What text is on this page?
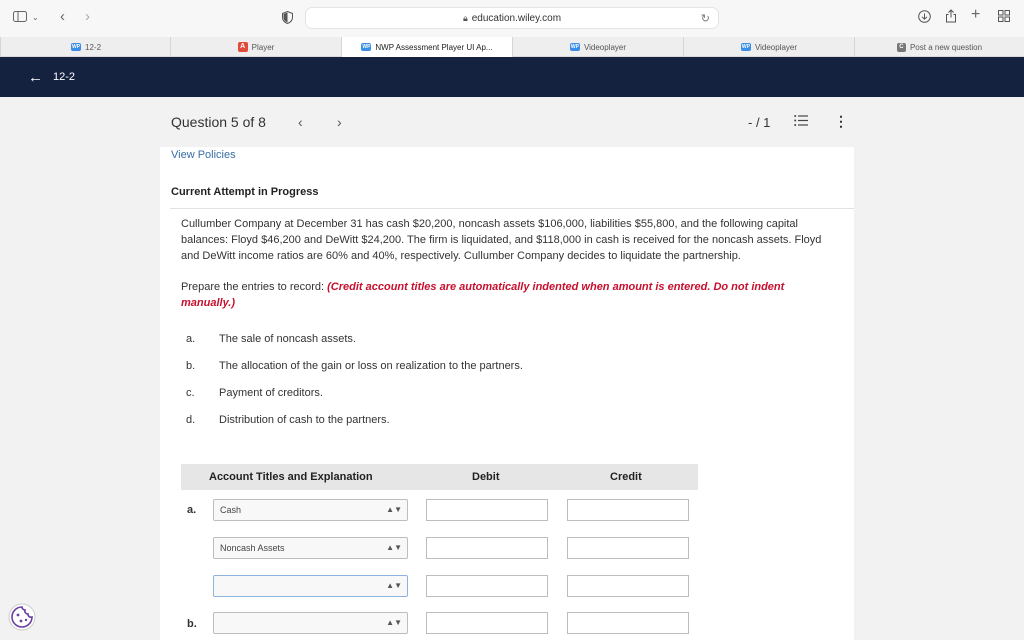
⌄ ‹ ›	🔒︎ education.wiley.com	↻	+
WP 12-2	A Player	WP NWP Assessment Player UI Ap...	WP Videoplayer	WP Videoplayer	C Post a new question
← 12-2
Question 5 of 8 ‹ ›	- / 1	⋮
View Policies
Current Attempt in Progress
Cullumber Company at December 31 has cash $20,200, noncash assets $106,000, liabilities $55,800, and the following capital balances: Floyd $46,200 and DeWitt $24,200. The firm is liquidated, and $118,000 in cash is received for the noncash assets. Floyd and DeWitt income ratios are 60% and 40%, respectively. Cullumber Company decides to liquidate the partnership.
Prepare the entries to record: (Credit account titles are automatically indented when amount is entered. Do not indent manually.)
a. The sale of noncash assets.
b. The allocation of the gain or loss on realization to the partners.
c. Payment of creditors.
d. Distribution of cash to the partners.
Account Titles and Explanation	Debit	Credit
a.	Cash	▲▼
Noncash Assets	▲▼
▲▼
b.	▲▼
